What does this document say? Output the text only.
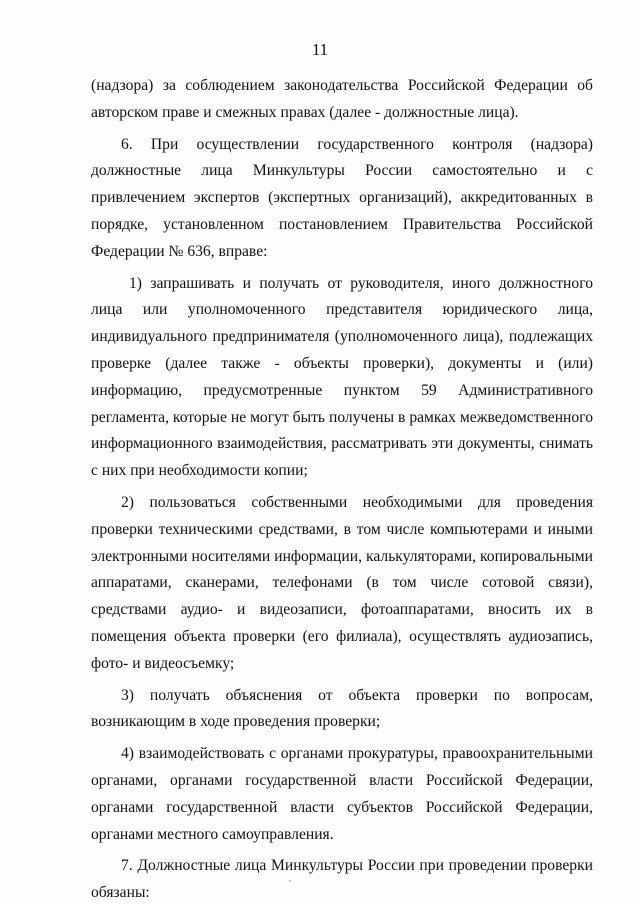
11

(надзора) за соблюдением законодательства Российской Федерации об авторском праве и смежных правах (далее - должностные лица).

6. При осуществлении государственного контроля (надзора) должностные лица Минкультуры России самостоятельно и с привлечением экспертов (экспертных организаций), аккредитованных в порядке, установленном постановлением Правительства Российской Федерации № 636, вправе:

1) запрашивать и получать от руководителя, иного должностного лица или уполномоченного представителя юридического лица, индивидуального предпринимателя (уполномоченного лица), подлежащих проверке (далее также - объекты проверки), документы и (или) информацию, предусмотренные пунктом 59 Административного регламента, которые не могут быть получены в рамках межведомственного информационного взаимодействия, рассматривать эти документы, снимать с них при необходимости копии;

2) пользоваться собственными необходимыми для проведения проверки техническими средствами, в том числе компьютерами и иными электронными носителями информации, калькуляторами, копировальными аппаратами, сканерами, телефонами (в том числе сотовой связи), средствами аудио- и видеозаписи, фотоаппаратами, вносить их в помещения объекта проверки (его филиала), осуществлять аудиозапись, фото- и видеосъемку;

3) получать объяснения от объекта проверки по вопросам, возникающим в ходе проведения проверки;

4) взаимодействовать с органами прокуратуры, правоохранительными органами, органами государственной власти Российской Федерации, органами государственной власти субъектов Российской Федерации, органами местного самоуправления.

7. Должностные лица Минкультуры России при проведении проверки обязаны:
